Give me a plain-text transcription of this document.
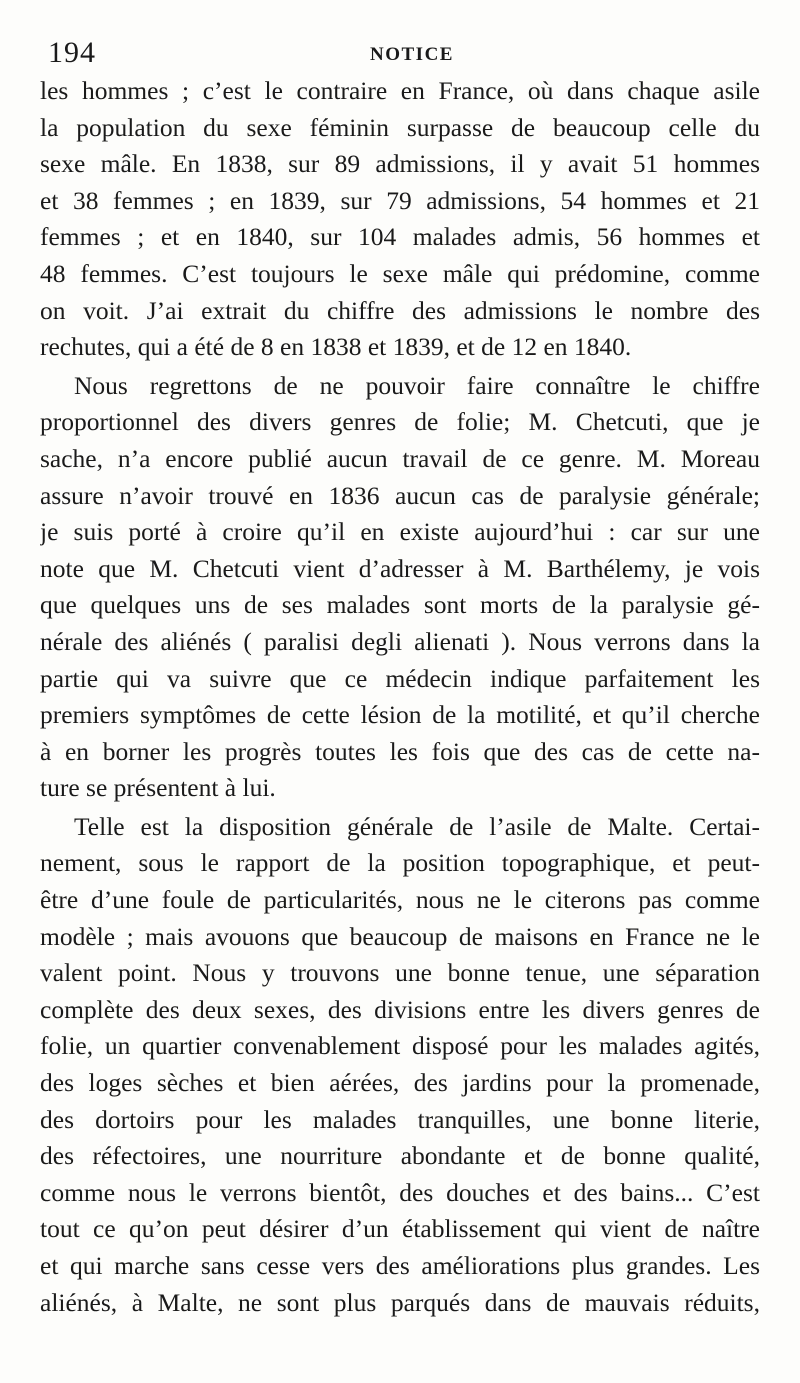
194	NOTICE
les hommes ; c’est le contraire en France, où dans chaque asile
la population du sexe féminin surpasse de beaucoup celle du
sexe mâle. En 1838, sur 89 admissions, il y avait 51 hommes
et 38 femmes ; en 1839, sur 79 admissions, 54 hommes et 21
femmes ; et en 1840, sur 104 malades admis, 56 hommes et
48 femmes. C’est toujours le sexe mâle qui prédomine, comme
on voit. J’ai extrait du chiffre des admissions le nombre des
rechutes, qui a été de 8 en 1838 et 1839, et de 12 en 1840.
Nous regrettons de ne pouvoir faire connaître le chiffre
proportionnel des divers genres de folie; M. Chetcuti, que je
sache, n’a encore publié aucun travail de ce genre. M. Moreau
assure n’avoir trouvé en 1836 aucun cas de paralysie générale;
je suis porté à croire qu’il en existe aujourd’hui : car sur une
note que M. Chetcuti vient d’adresser à M. Barthélemy, je vois
que quelques uns de ses malades sont morts de la paralysie gé-
nérale des aliénés ( paralisi degli alienati ). Nous verrons dans la
partie qui va suivre que ce médecin indique parfaitement les
premiers symptômes de cette lésion de la motilité, et qu’il cherche
à en borner les progrès toutes les fois que des cas de cette na-
ture se présentent à lui.
Telle est la disposition générale de l’asile de Malte. Certai-
nement, sous le rapport de la position topographique, et peut-
être d’une foule de particularités, nous ne le citerons pas comme
modèle ; mais avouons que beaucoup de maisons en France ne le
valent point. Nous y trouvons une bonne tenue, une séparation
complète des deux sexes, des divisions entre les divers genres de
folie, un quartier convenablement disposé pour les malades agités,
des loges sèches et bien aérées, des jardins pour la promenade,
des dortoirs pour les malades tranquilles, une bonne literie,
des réfectoires, une nourriture abondante et de bonne qualité,
comme nous le verrons bientôt, des douches et des bains... C’est
tout ce qu’on peut désirer d’un établissement qui vient de naître
et qui marche sans cesse vers des améliorations plus grandes. Les
aliénés, à Malte, ne sont plus parqués dans de mauvais réduits,
